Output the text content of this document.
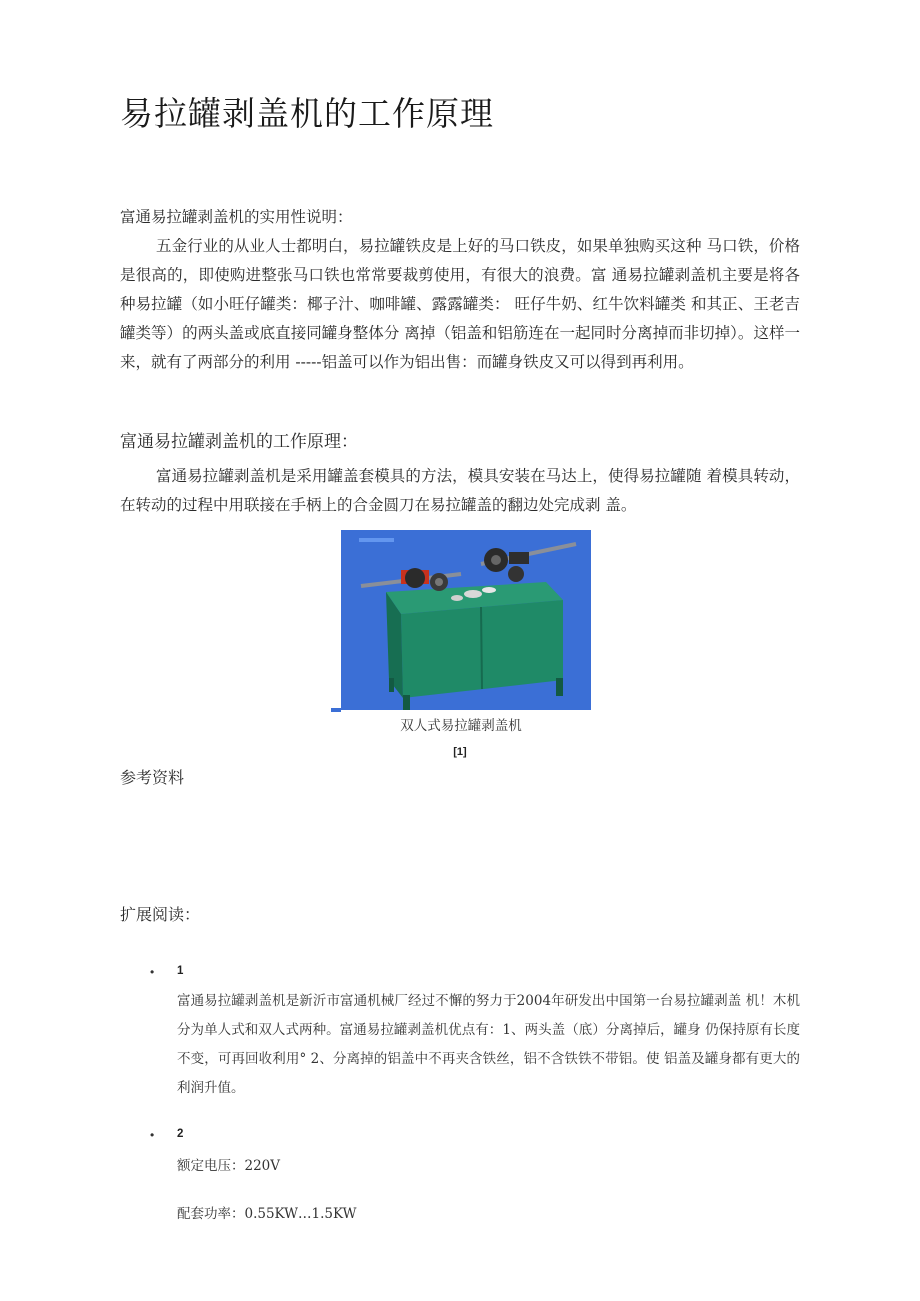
易拉罐剥盖机的工作原理
富通易拉罐剥盖机的实用性说明：
五金行业的从业人士都明白，易拉罐铁皮是上好的马口铁皮，如果单独购买这种 马口铁，价格是很高的，即使购进整张马口铁也常常要裁剪使用，有很大的浪费。富 通易拉罐剥盖机主要是将各种易拉罐（如小旺仔罐类：椰子汁、咖啡罐、露露罐类： 旺仔牛奶、红牛饮料罐类 和其正、王老吉罐类等）的两头盖或底直接同罐身整体分 离掉（铝盖和铝筋连在一起同时分离掉而非切掉）。这样一来，就有了两部分的利用 -----铝盖可以作为铝出售：而罐身铁皮又可以得到再利用。
富通易拉罐剥盖机的工作原理：
富通易拉罐剥盖机是采用罐盖套模具的方法，模具安装在马达上，使得易拉罐随 着模具转动，在转动的过程中用联接在手柄上的合金圆刀在易拉罐盖的翻边处完成剥 盖。
双人式易拉罐剥盖机
[1]
参考资料
扩展阅读：
• 1
富通易拉罐剥盖机是新沂市富通机械厂经过不懈的努力于2004年研发出中国第一台易拉罐剥盖 机！木机分为单人式和双人式两种。富通易拉罐剥盖机优点有：1、两头盖（底）分离掉后，罐身 仍保持原有长度不变，可再回收利用° 2、分离掉的铝盖中不再夹含铁丝，铝不含铁铁不带铝。使 铝盖及罐身都有更大的利润升值。
• 2
额定电压：220V
配套功率：0.55KW…1.5KW
